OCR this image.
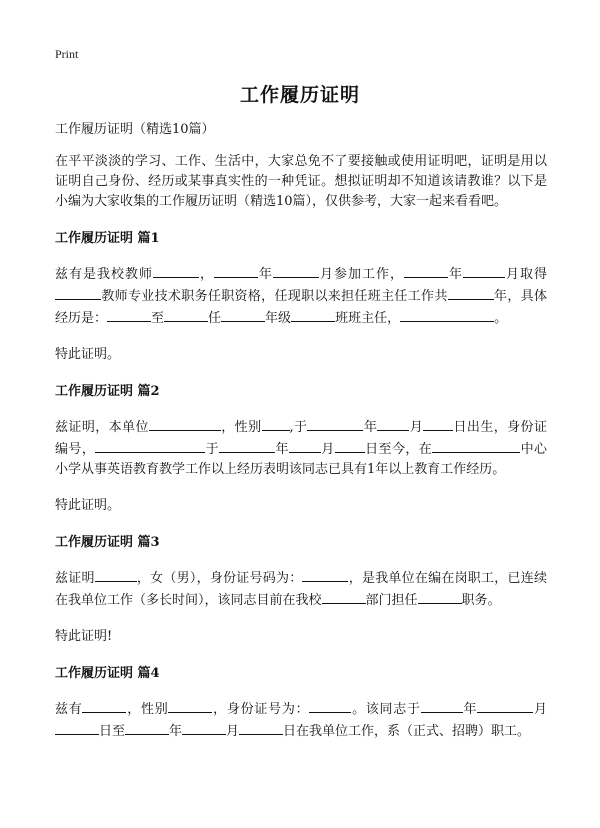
Print
工作履历证明

工作履历证明（精选10篇）

在平平淡淡的学习、工作、生活中，大家总免不了要接触或使用证明吧，证明是用以证明自己身份、经历或某事真实性的一种凭证。想拟证明却不知道该请教谁？以下是小编为大家收集的工作履历证明（精选10篇），仅供参考，大家一起来看看吧。

工作履历证明 篇1

兹有是我校教师	，	年	月参加工作，	年	月取得教师专业技术职务任职资格，任现职以来担任班主任工作共	年，具体经历是：	至	任	年级	班班主任，	。

特此证明。

工作履历证明 篇2

兹证明，本单位	，性别 ,于	年 月 日出生，身份证编号，	于	年 月 日至今，在	中心小学从事英语教育教学工作以上经历表明该同志已具有1年以上教育工作经历。

特此证明。

工作履历证明 篇3

兹证明	，女（男），身份证号码为：	，是我单位在编在岗职工，已连续在我单位工作（多长时间），该同志目前在我校	部门担任	职务。

特此证明!

工作履历证明 篇4

兹有	，性别	，身份证号为：	。该同志于	年	月日至	年	月	日在我单位工作，系（正式、招聘）职工。
